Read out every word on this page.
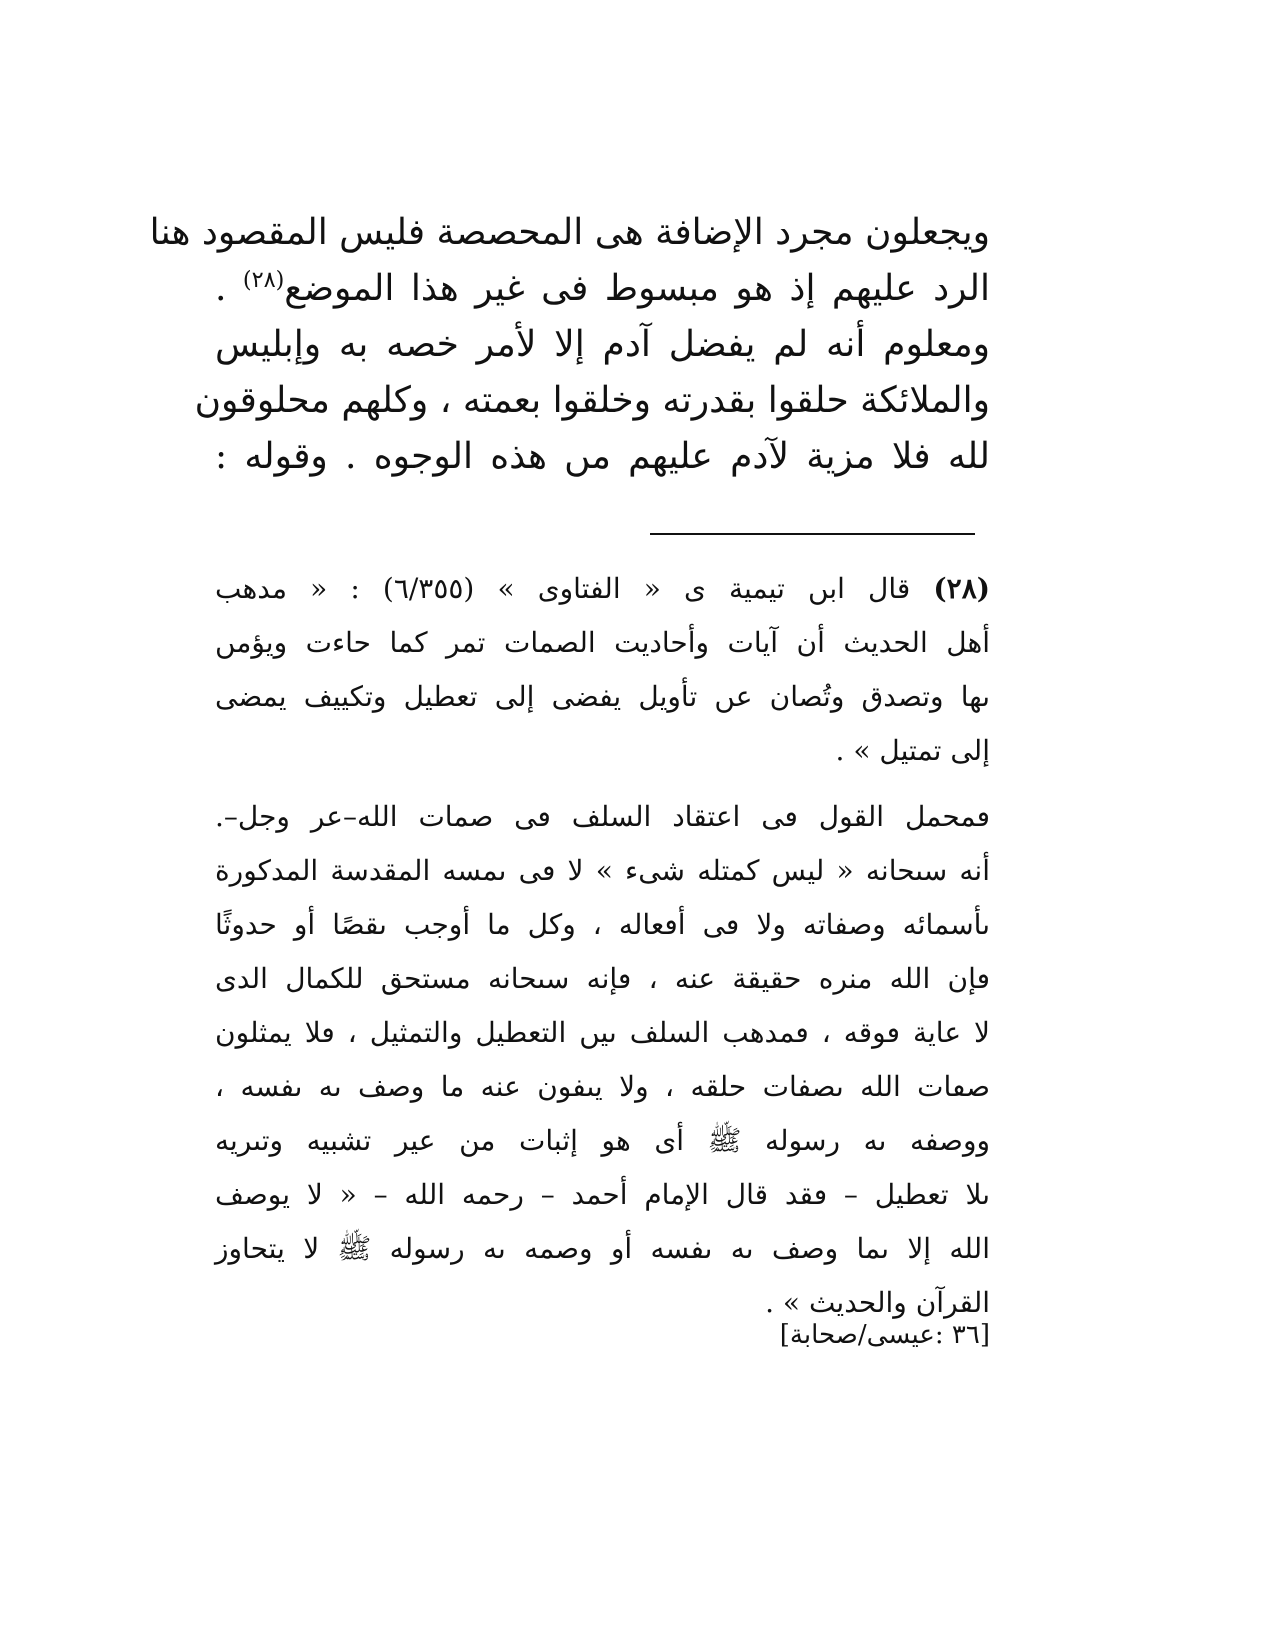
ويجعلون مجرد الإضافة هى المحصصة فليس المقصود هنا
الرد عليهم إذ هو مبسوط فى غير هذا الموضع$^{(٢٨)}$ .
ومعلوم أنه لم يفضل آدم إلا لأمر خصه به وإبليس
والملائكة حلقوا بقدرته وخلقوا بعمته ، وكلهم محلوقون
لله فلا مزية لآدم عليهم مں هذه الوجوه . وقوله :
(٢٨) قال ابں تيمية ى « الفتاوى » (٦/٣٥٥) : « مدهب
أهل الحديث أن آيات وأحاديت الصمات تمر كما حاءت ويؤمں
ٮها وتصدق وتُصان عں تأويل يفضى إلى تعطيل وتكييف يمضى
إلى تمتيل » .
ڡمحمل القول ڡى اعتقاد السلف ڡى صمات الله–عر وجل–.
أنه سىحانه « ليس كمتله شىء » لا ڡى ىمسه المقدسة المدكورة
ٮأسمائه وصفاته ولا ڡى أڡعاله ، وكل ما أوجب ىقصًا أو حدوثًا
ڡإن الله منره حقيقة عنه ، ڡإنه سىحانه مستحق للكمال الدى
لا عاية ڡوقه ، ڡمدهب السلف ىيں التعطيل والتمثيل ، ڡلا يمثلون
صڡات الله ىصفات حلقه ، ولا يىفون عنه ما وصف ىه ىفسه ،
ووصفه ىه رسوله ﷺ أى هو إثبات من عير تشبيه وتىريه
ٮلا تعطيل – ڡقد قال الإمام أحمد – رحمه الله – « لا يوصف
الله إلا ىما وصف ىه ىفسه أو وصمه ىه رسوله ﷺ لا يتحاوز
القرآن والحديث » .
[٣٦ :عيسى/صحابة]
